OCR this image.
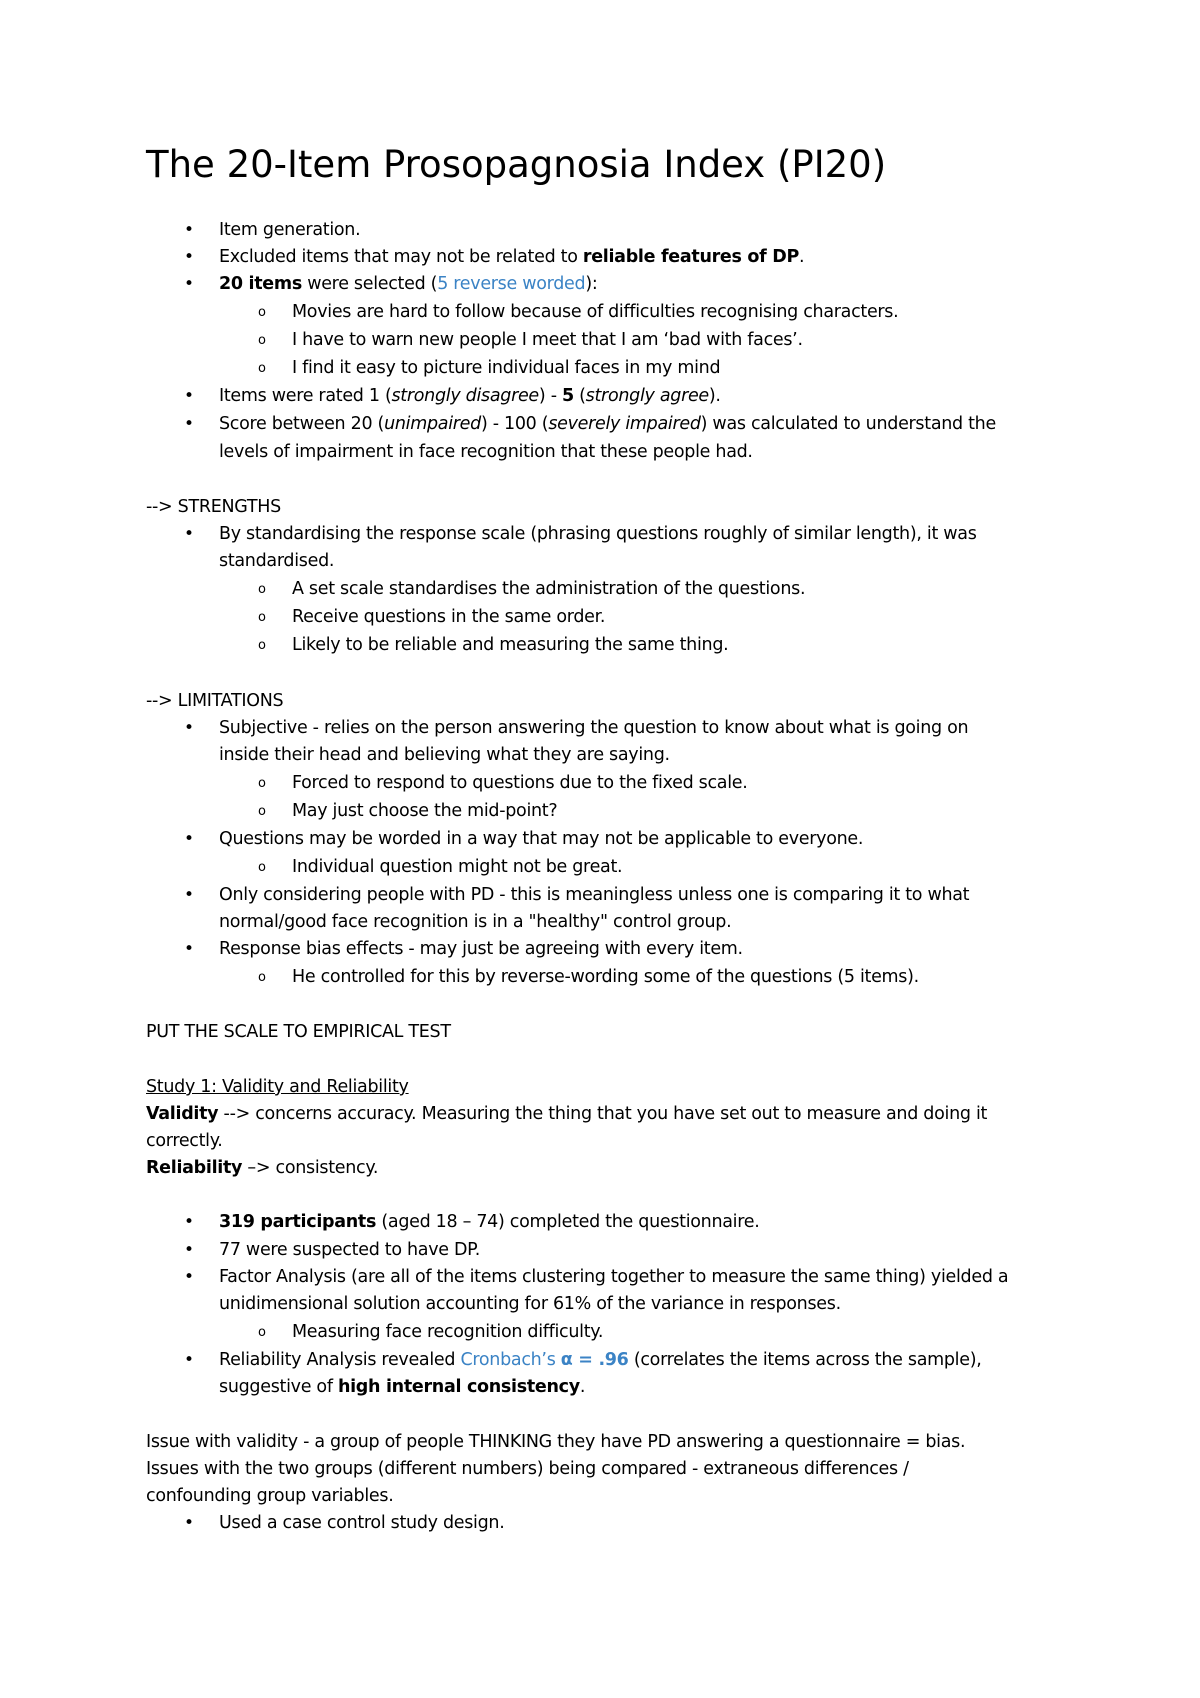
The 20-Item Prosopagnosia Index (PI20)
• Item generation.
• Excluded items that may not be related to reliable features of DP.
• 20 items were selected (5 reverse worded):
o Movies are hard to follow because of difficulties recognising characters.
o I have to warn new people I meet that I am ‘bad with faces’.
o I find it easy to picture individual faces in my mind
• Items were rated 1 (strongly disagree) - 5 (strongly agree).
• Score between 20 (unimpaired) - 100 (severely impaired) was calculated to understand the
levels of impairment in face recognition that these people had.
--> STRENGTHS
• By standardising the response scale (phrasing questions roughly of similar length), it was
standardised.
o A set scale standardises the administration of the questions.
o Receive questions in the same order.
o Likely to be reliable and measuring the same thing.
--> LIMITATIONS
• Subjective - relies on the person answering the question to know about what is going on
inside their head and believing what they are saying.
o Forced to respond to questions due to the fixed scale.
o May just choose the mid-point?
• Questions may be worded in a way that may not be applicable to everyone.
o Individual question might not be great.
• Only considering people with PD - this is meaningless unless one is comparing it to what
normal/good face recognition is in a "healthy" control group.
• Response bias effects - may just be agreeing with every item.
o He controlled for this by reverse-wording some of the questions (5 items).
PUT THE SCALE TO EMPIRICAL TEST
Study 1: Validity and Reliability
Validity --> concerns accuracy. Measuring the thing that you have set out to measure and doing it
correctly.
Reliability –> consistency.
• 319 participants (aged 18 – 74) completed the questionnaire.
• 77 were suspected to have DP.
• Factor Analysis (are all of the items clustering together to measure the same thing) yielded a
unidimensional solution accounting for 61% of the variance in responses.
o Measuring face recognition difficulty.
• Reliability Analysis revealed Cronbach’s α = .96 (correlates the items across the sample),
suggestive of high internal consistency.
Issue with validity - a group of people THINKING they have PD answering a questionnaire = bias.
Issues with the two groups (different numbers) being compared - extraneous differences /
confounding group variables.
• Used a case control study design.
